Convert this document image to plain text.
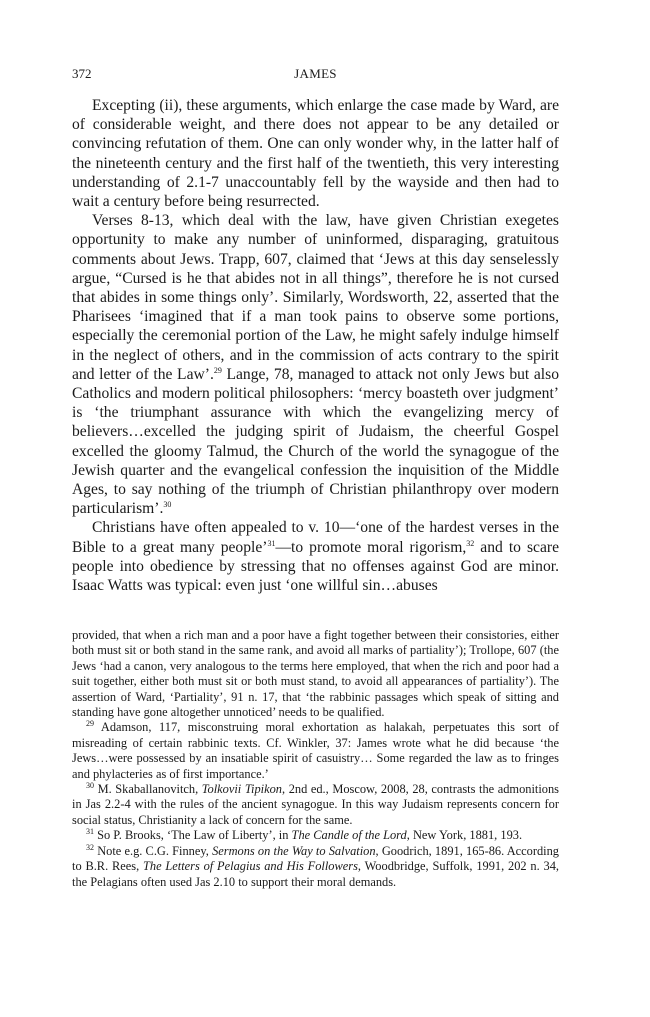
372	JAMES

Excepting (ii), these arguments, which enlarge the case made by Ward, are of considerable weight, and there does not appear to be any detailed or convincing refutation of them. One can only wonder why, in the latter half of the nineteenth century and the first half of the twentieth, this very interesting understanding of 2.1-7 unaccountably fell by the wayside and then had to wait a century before being resurrected.

Verses 8-13, which deal with the law, have given Christian exegetes opportunity to make any number of uninformed, disparaging, gratuitous comments about Jews. Trapp, 607, claimed that ‘Jews at this day senselessly argue, “Cursed is he that abides not in all things”, therefore he is not cursed that abides in some things only’. Similarly, Wordsworth, 22, asserted that the Pharisees ‘imagined that if a man took pains to observe some portions, especially the ceremonial portion of the Law, he might safely indulge himself in the neglect of others, and in the commission of acts contrary to the spirit and letter of the Law’.$^{29}$ Lange, 78, managed to attack not only Jews but also Catholics and modern political philosophers: ‘mercy boasteth over judgment’ is ‘the triumphant assurance with which the evangelizing mercy of believers…excelled the judging spirit of Judaism, the cheerful Gospel excelled the gloomy Talmud, the Church of the world the synagogue of the Jewish quarter and the evangelical confession the inquisition of the Middle Ages, to say nothing of the triumph of Christian philanthropy over modern particularism’.$^{30}$

Christians have often appealed to v. 10—‘one of the hardest verses in the Bible to a great many people’$^{31}$—to promote moral rigorism,$^{32}$ and to scare people into obedience by stressing that no offenses against God are minor. Isaac Watts was typical: even just ‘one willful sin…abuses

provided, that when a rich man and a poor have a fight together between their consistories, either both must sit or both stand in the same rank, and avoid all marks of partiality’); Trollope, 607 (the Jews ‘had a canon, very analogous to the terms here employed, that when the rich and poor had a suit together, either both must sit or both must stand, to avoid all appearances of partiality’). The assertion of Ward, ‘Partiality’, 91 n. 17, that ‘the rabbinic passages which speak of sitting and standing have gone altogether unnoticed’ needs to be qualified.

$^{29}$ Adamson, 117, misconstruing moral exhortation as halakah, perpetuates this sort of misreading of certain rabbinic texts. Cf. Winkler, 37: James wrote what he did because ‘the Jews…were possessed by an insatiable spirit of casuistry… Some regarded the law as to fringes and phylacteries as of first importance.’

$^{30}$ M. Skaballanovitch, Tolkovii Tipikon, 2nd ed., Moscow, 2008, 28, contrasts the admonitions in Jas 2.2-4 with the rules of the ancient synagogue. In this way Judaism represents concern for social status, Christianity a lack of concern for the same.

$^{31}$ So P. Brooks, ‘The Law of Liberty’, in The Candle of the Lord, New York, 1881, 193.

$^{32}$ Note e.g. C.G. Finney, Sermons on the Way to Salvation, Goodrich, 1891, 165-86. According to B.R. Rees, The Letters of Pelagius and His Followers, Woodbridge, Suffolk, 1991, 202 n. 34, the Pelagians often used Jas 2.10 to support their moral demands.
